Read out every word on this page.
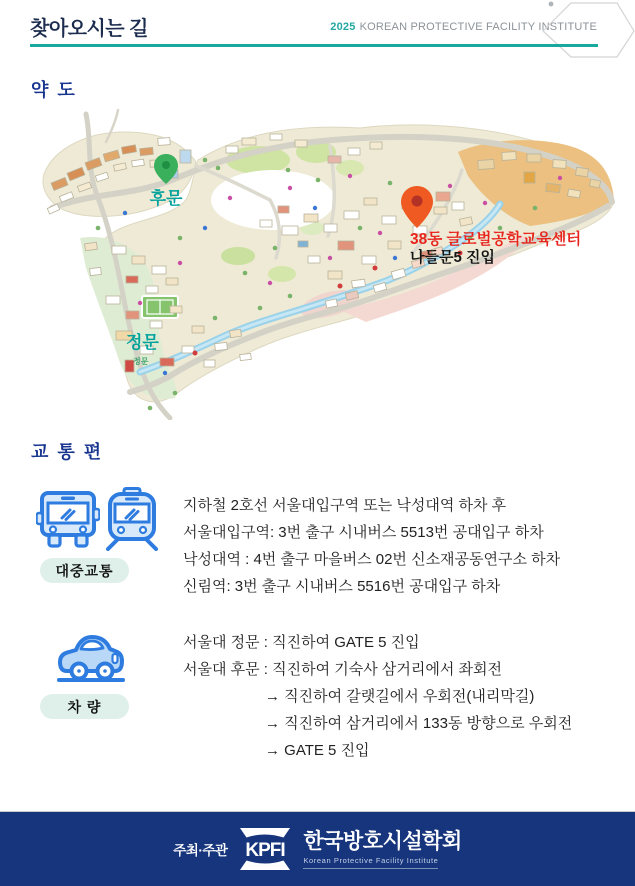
찾아오시는 길	2025 KOREAN PROTECTIVE FACILITY INSTITUTE
약 도
후문
정문
정문
38동 글로벌공학교육센터
나들문5 진입
교 통 편
대중교통
지하철 2호선 서울대입구역 또는 낙성대역 하차 후
서울대입구역: 3번 출구 시내버스 5513번 공대입구 하차
낙성대역 : 4번 출구 마을버스 02번 신소재공동연구소 하차
신림역: 3번 출구 시내버스 5516번 공대입구 하차
차 량
서울대 정문 : 직진하여 GATE 5 진입
서울대 후문 : 직진하여 기숙사 삼거리에서 좌회전
→ 직진하여 갈랫길에서 우회전(내리막길)
→ 직진하여 삼거리에서 133동 방향으로 우회전
→ GATE 5 진입
주최·주관 KPFI 한국방호시설학회
Korean Protective Facility Institute
